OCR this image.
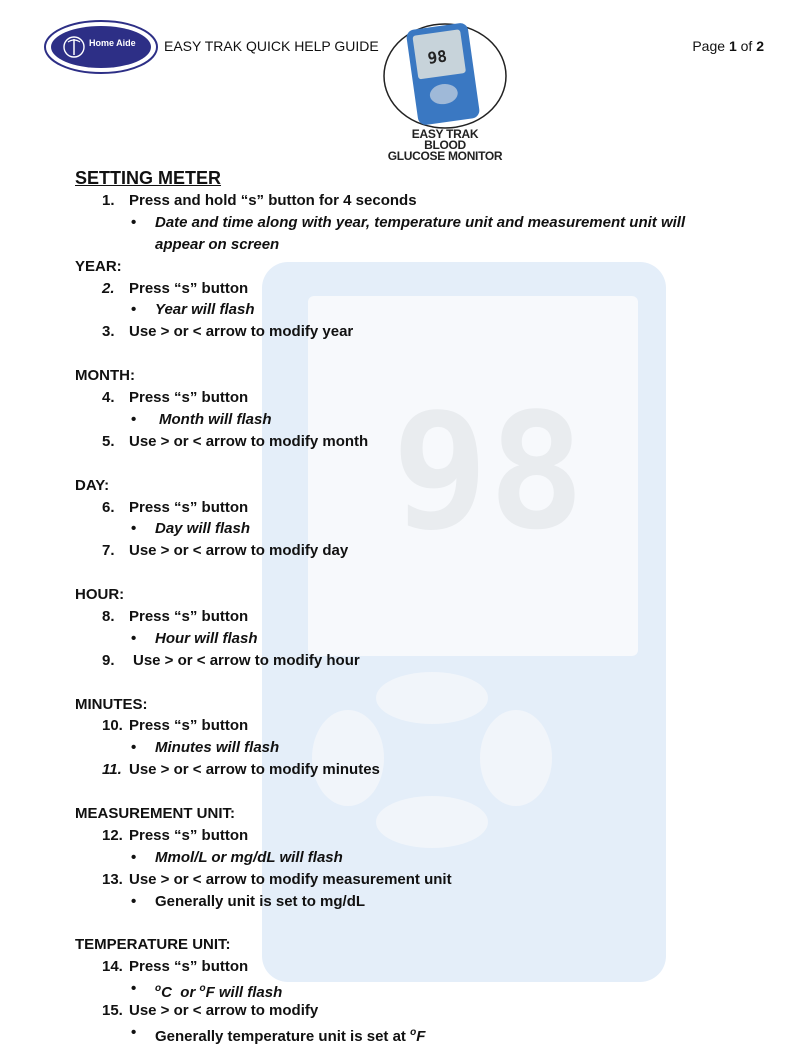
98
Home Aide EASY TRAK QUICK HELP GUIDE	Page 1 of 2
98
EASY TRAK
BLOOD
GLUCOSE MONITOR
SETTING METER
1. Press and hold “s” button for 4 seconds
• Date and time along with year, temperature unit and measurement unit will appear on screen
YEAR:
2. Press “s” button
• Year will flash
3. Use > or < arrow to modify year
MONTH:
4. Press “s” button
• Month will flash
5. Use > or < arrow to modify month
DAY:
6. Press “s” button
• Day will flash
7. Use > or < arrow to modify day
HOUR:
8. Press “s” button
• Hour will flash
9. Use > or < arrow to modify hour
MINUTES:
10. Press “s” button
• Minutes will flash
11. Use > or < arrow to modify minutes
MEASUREMENT UNIT:
12. Press “s” button
• Mmol/L or mg/dL will flash
13. Use > or < arrow to modify measurement unit
• Generally unit is set to mg/dL
TEMPERATURE UNIT:
14. Press “s” button
• $^o$C  or $^o$F will flash
15. Use > or < arrow to modify
• Generally temperature unit is set at $^o$F
